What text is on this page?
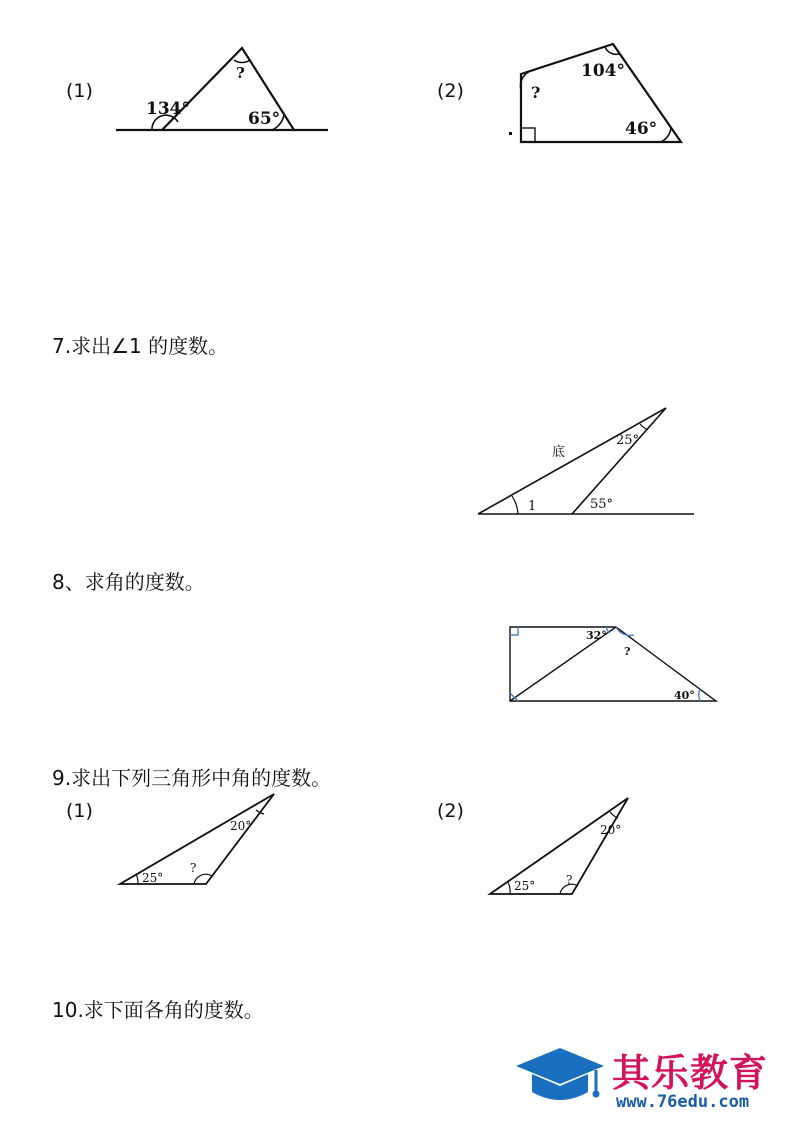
(1)	(2)
134°	65°
?	104°
46°
?
7.求出∠1 的度数。
底
25°
1	55°
8、求角的度数。
32°
?
40°
9.求出下列三角形中角的度数。
(1)	(2)
20°
25°
?
20°
25°	?
10.求下面各角的度数。
其乐教育
www.76edu.com
